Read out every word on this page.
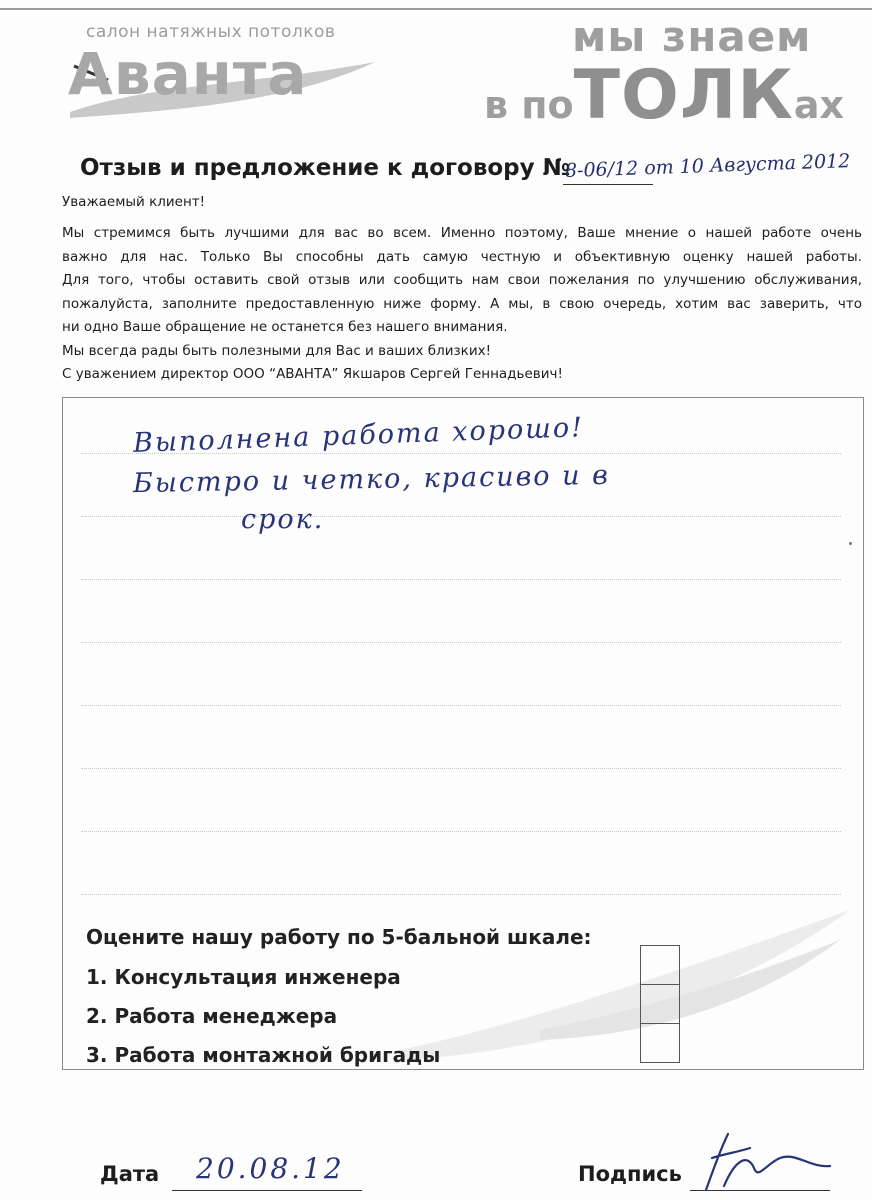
салон натяжных потолков
Аванта
мы знаем
в поТОЛКах
Отзыв и предложение к договору №
8-06/12 от 10 Августа 2012
Уважаемый клиент!
Мы стремимся быть лучшими для вас во всем. Именно поэтому, Ваше мнение о нашей работе очень
важно для нас. Только Вы способны дать самую честную и объективную оценку нашей работы.
Для того, чтобы оставить свой отзыв или сообщить нам свои пожелания по улучшению обслуживания,
пожалуйста, заполните предоставленную ниже форму. А мы, в свою очередь, хотим вас заверить, что
ни одно Ваше обращение не останется без нашего внимания.
Мы всегда рады быть полезными для Вас и ваших близких!
С уважением директор ООО “АВАНТА” Якшаров Сергей Геннадьевич!
Выполнена работа хорошо!
Быстро и четко, красиво и в
срок.
Оцените нашу работу по 5-бальной шкале:
1. Консультация инженера
2. Работа менеджера
3. Работа монтажной бригады
Дата 20.08.12	Подпись
